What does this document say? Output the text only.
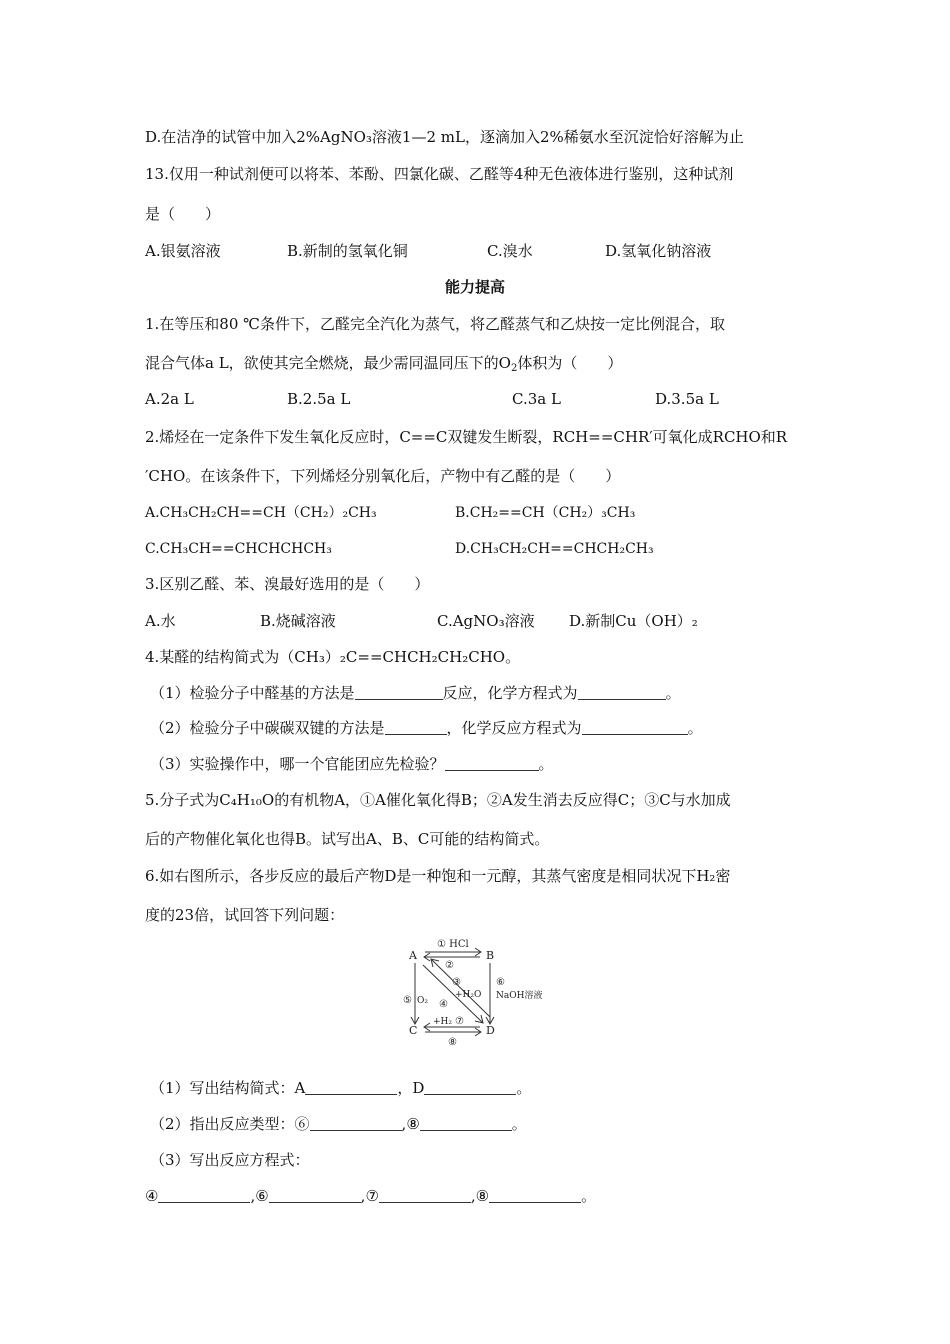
D.在洁净的试管中加入2%AgNO₃溶液1—2 mL，逐滴加入2%稀氨水至沉淀恰好溶解为止
13.仅用一种试剂便可以将苯、苯酚、四氯化碳、乙醛等4种无色液体进行鉴别，这种试剂
是（　　）
A.银氨溶液	B.新制的氢氧化铜	C.溴水	D.氢氧化钠溶液
能力提高
1.在等压和80 ℃条件下，乙醛完全汽化为蒸气，将乙醛蒸气和乙炔按一定比例混合，取
混合气体a L，欲使其完全燃烧，最少需同温同压下的$O_2$体积为（　　）
A.2a L	B.2.5a L	C.3a L	D.3.5a L
2.烯烃在一定条件下发生氧化反应时，C==C双键发生断裂，RCH==CHR′可氧化成RCHO和R
′CHO。在该条件下，下列烯烃分别氧化后，产物中有乙醛的是（　　）
A.CH₃CH₂CH==CH（CH₂）₂CH₃	B.CH₂==CH（CH₂）₃CH₃
C.CH₃CH==CHCHCHCH₃	D.CH₃CH₂CH==CHCH₂CH₃
3.区别乙醛、苯、溴最好选用的是（　　）
A.水	B.烧碱溶液	C.AgNO₃溶液 D.新制Cu（OH）₂
4.某醛的结构简式为（CH₃）₂C==CHCH₂CH₂CHO。
（1）检验分子中醛基的方法是	反应，化学方程式为	。
（2）检验分子中碳碳双键的方法是	，化学反应方程式为	。
（3）实验操作中，哪一个官能团应先检验？	。
5.分子式为C₄H₁₀O的有机物A，①A催化氧化得B；②A发生消去反应得C；③C与水加成
后的产物催化氧化也得B。试写出A、B、C可能的结构简式。
6.如右图所示，各步反应的最后产物D是一种饱和一元醇，其蒸气密度是相同状况下H₂密
度的23倍，试回答下列问题：
A	B
C	D
① HCl
②
③
+H₂O
④
⑤ O₂
⑥
NaOH溶液
+H₂ ⑦
⑧
（1）写出结构简式：A	，D	。
（2）指出反应类型：⑥	,⑧	。
（3）写出反应方程式：
④	,⑥	,⑦	,⑧	。
